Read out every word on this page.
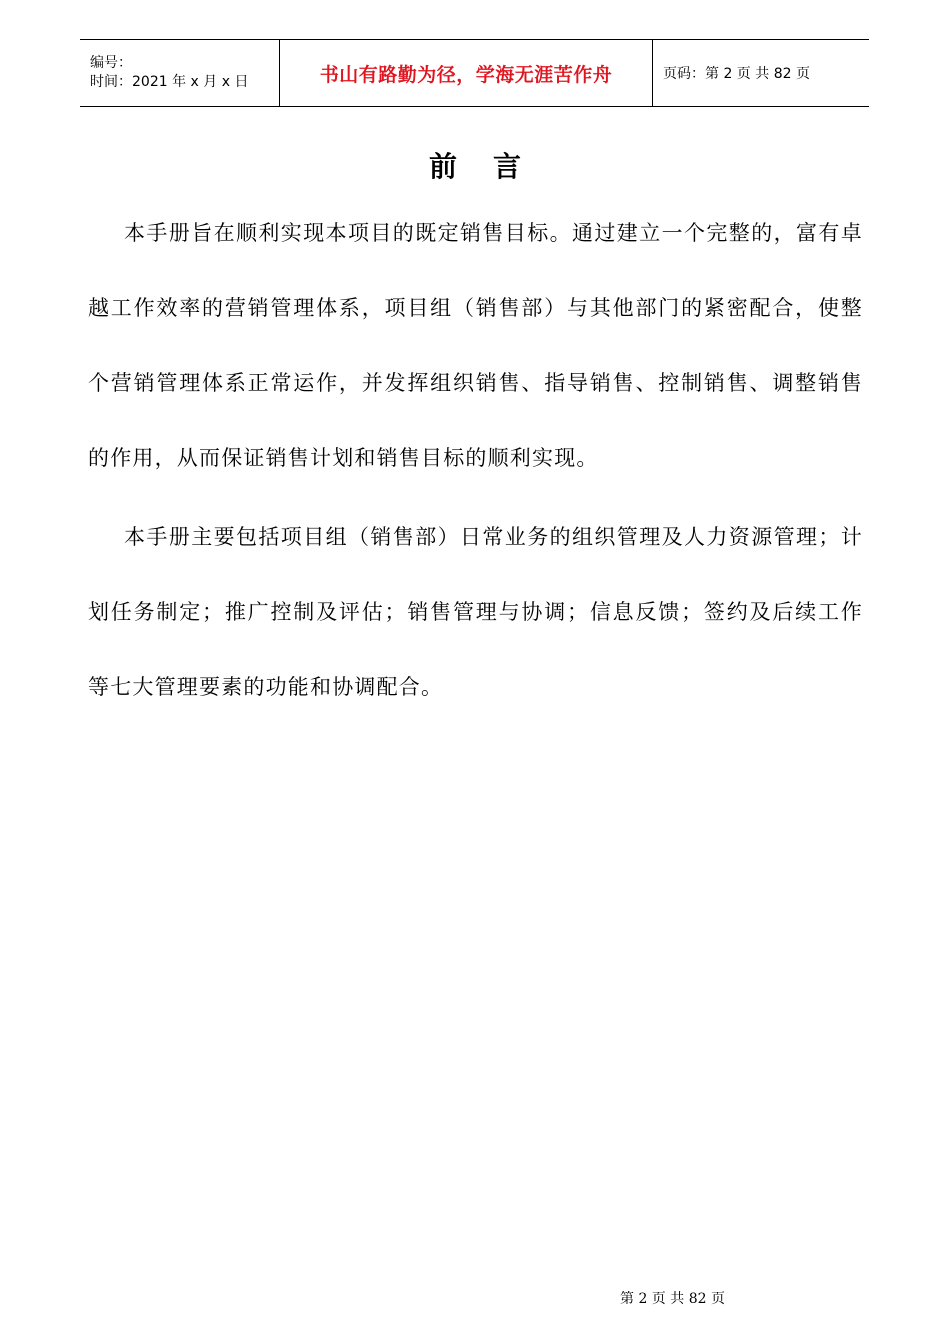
编号：
时间：2021 年 x 月 x 日	书山有路勤为径，学海无涯苦作舟	页码：第 2 页 共 82 页
前言
本手册旨在顺利实现本项目的既定销售目标。通过建立一个完整的，富有卓越工作效率的营销管理体系，项目组（销售部）与其他部门的紧密配合，使整个营销管理体系正常运作，并发挥组织销售、指导销售、控制销售、调整销售的作用，从而保证销售计划和销售目标的顺利实现。
本手册主要包括项目组（销售部）日常业务的组织管理及人力资源管理；计划任务制定；推广控制及评估；销售管理与协调；信息反馈；签约及后续工作等七大管理要素的功能和协调配合。
第 2 页 共 82 页
